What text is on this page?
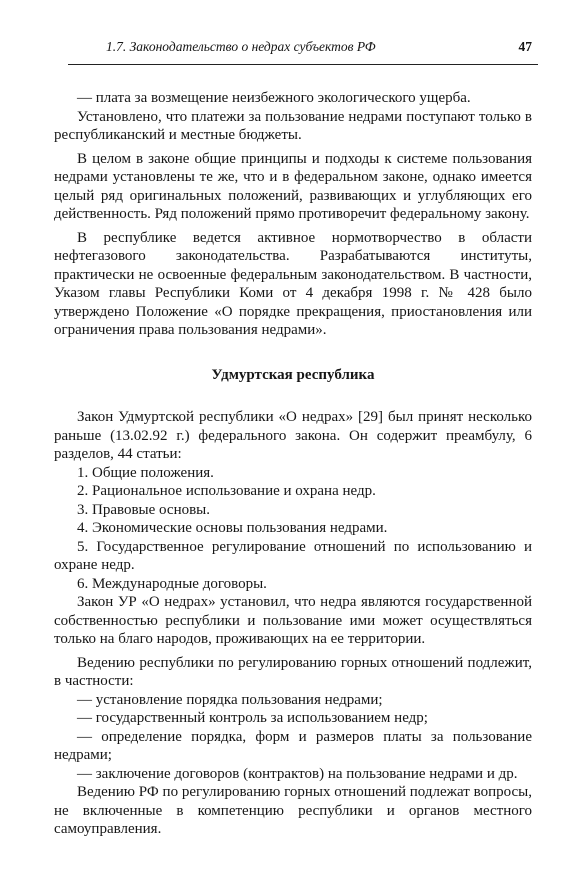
1.7. Законодательство о недрах субъектов РФ	47

— плата за возмещение неизбежного экологического ущерба.

Установлено, что платежи за пользование недрами поступают только в республиканский и местные бюджеты.

В целом в законе общие принципы и подходы к системе пользования недрами установлены те же, что и в федеральном законе, однако имеется целый ряд оригинальных положений, развивающих и углубляющих его действенность. Ряд положений прямо противоречит федеральному закону.

В республике ведется активное нормотворчество в области нефтегазового законодательства. Разрабатываются институты, практически не освоенные федеральным законодательством. В частности, Указом главы Республики Коми от 4 декабря 1998 г. № 428 было утверждено Положение «О порядке прекращения, приостановления или ограничения права пользования недрами».

Удмуртская республика

Закон Удмуртской республики «О недрах» [29] был принят несколько раньше (13.02.92 г.) федерального закона. Он содержит преамбулу, 6 разделов, 44 статьи:

1. Общие положения.

2. Рациональное использование и охрана недр.

3. Правовые основы.

4. Экономические основы пользования недрами.

5. Государственное регулирование отношений по использованию и охране недр.

6. Международные договоры.

Закон УР «О недрах» установил, что недра являются государственной собственностью республики и пользование ими может осуществляться только на благо народов, проживающих на ее территории.

Ведению республики по регулированию горных отношений подлежит, в частности:

— установление порядка пользования недрами;

— государственный контроль за использованием недр;

— определение порядка, форм и размеров платы за пользование недрами;

— заключение договоров (контрактов) на пользование недрами и др.

Ведению РФ по регулированию горных отношений подлежат вопросы, не включенные в компетенцию республики и органов местного самоуправления.
